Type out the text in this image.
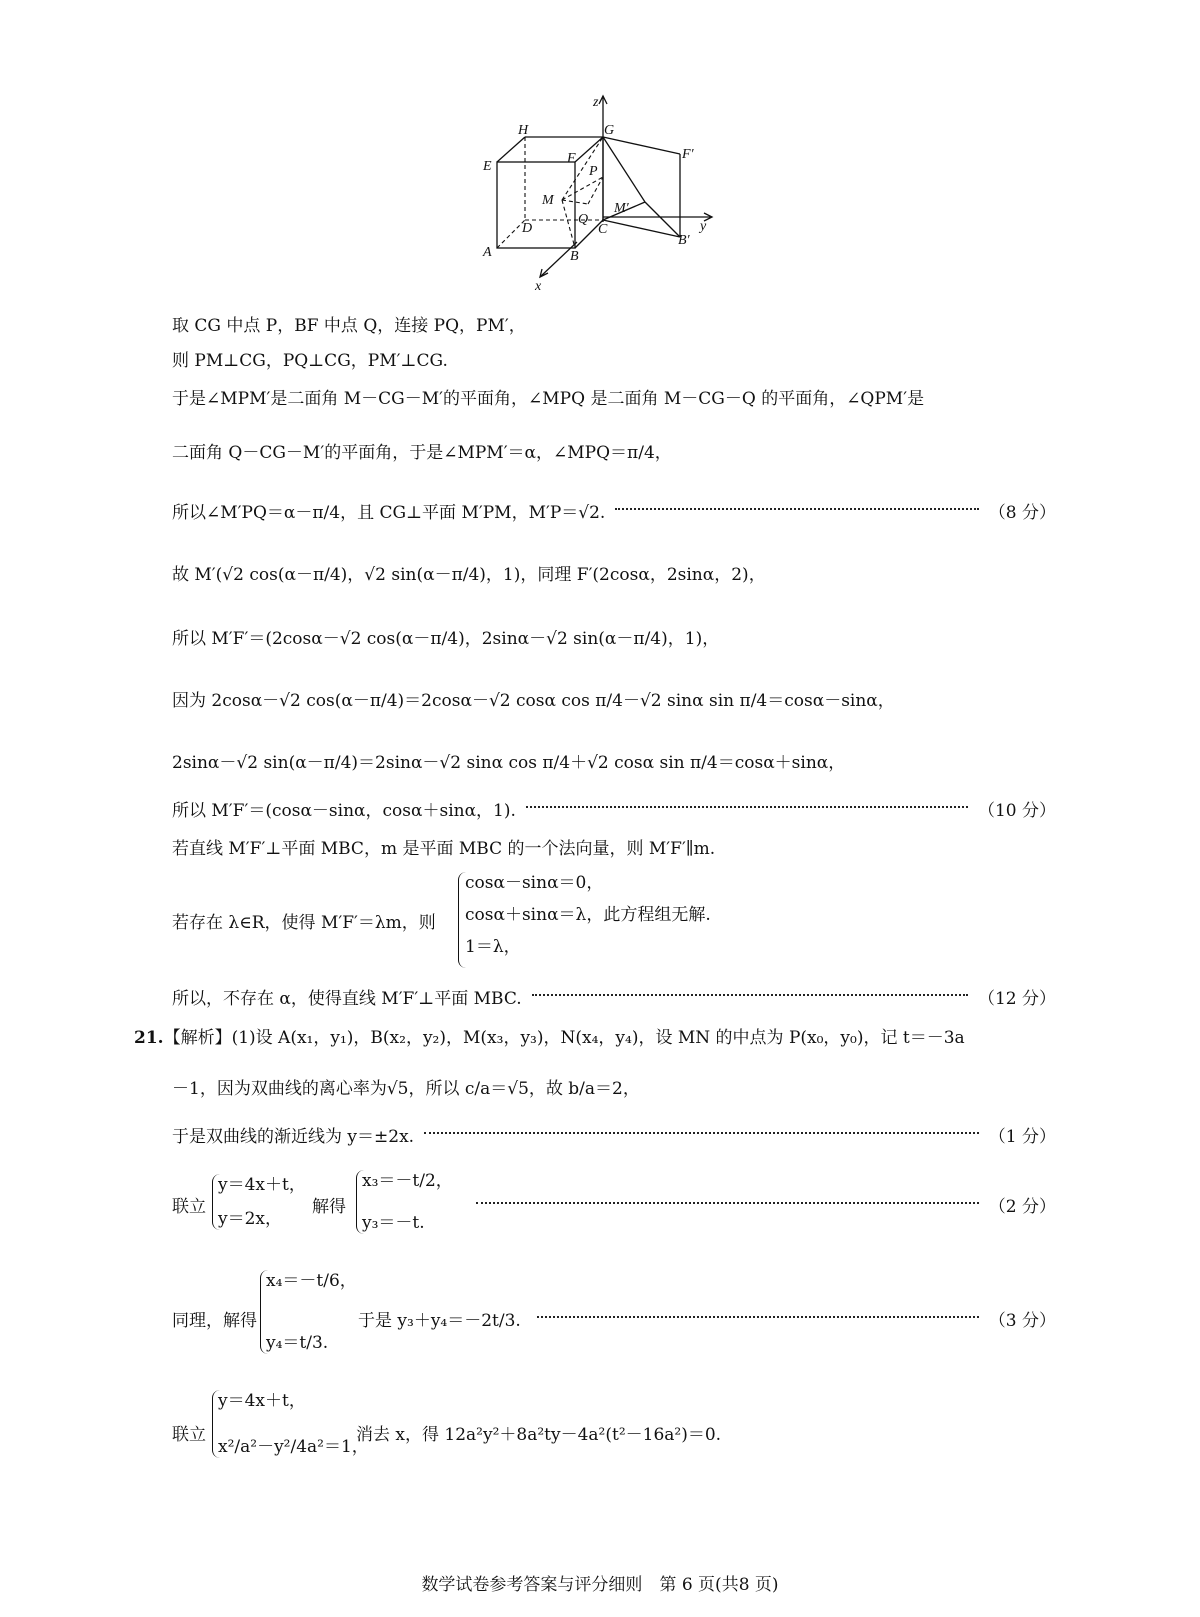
z
H	G
F′
E
F
P
M
M′
D
Q
C	y
A	B
B′
x
取 CG 中点 P，BF 中点 Q，连接 PQ，PM′，
则 PM⊥CG，PQ⊥CG，PM′⊥CG.
于是∠MPM′是二面角 M－CG－M′的平面角，∠MPQ 是二面角 M－CG－Q 的平面角，∠QPM′是
二面角 Q－CG－M′的平面角，于是∠MPM′＝α，∠MPQ＝π/4，
所以∠M′PQ＝α－π/4，且 CG⊥平面 M′PM，M′P＝√2.	（8 分）
故 M′(√2 cos(α－π/4)，√2 sin(α－π/4)，1)，同理 F′(2cosα，2sinα，2)，
所以 M′F′＝(2cosα－√2 cos(α－π/4)，2sinα－√2 sin(α－π/4)，1)，
因为 2cosα－√2 cos(α－π/4)＝2cosα－√2 cosα cos π/4－√2 sinα sin π/4＝cosα－sinα，
2sinα－√2 sin(α－π/4)＝2sinα－√2 sinα cos π/4＋√2 cosα sin π/4＝cosα＋sinα，
所以 M′F′＝(cosα－sinα，cosα＋sinα，1).	（10 分）
若直线 M′F′⊥平面 MBC，m 是平面 MBC 的一个法向量，则 M′F′∥m.
若存在 λ∈R，使得 M′F′＝λm，则
cosα－sinα＝0，
cosα＋sinα＝λ，此方程组无解.
1＝λ，
所以，不存在 α，使得直线 M′F′⊥平面 MBC.	（12 分）
21. 【解析】(1)设 A(x₁，y₁)，B(x₂，y₂)，M(x₃，y₃)，N(x₄，y₄)，设 MN 的中点为 P(x₀，y₀)，记 t＝－3a
－1，因为双曲线的离心率为√5，所以 c/a＝√5，故 b/a＝2，
于是双曲线的渐近线为 y＝±2x.	（1 分）
联立	（2 分）
y＝4x＋t，
y＝2x，
解得
x₃＝－t/2，
y₃＝－t.
同理，解得	（3 分）
x₄＝－t/6，
y₄＝t/3.
于是 y₃＋y₄＝－2t/3.
联立
y＝4x＋t，
x²/a²－y²/4a²＝1，
消去 x，得 12a²y²＋8a²ty－4a²(t²－16a²)＝0.
数学试卷参考答案与评分细则　第 6 页(共8 页)
